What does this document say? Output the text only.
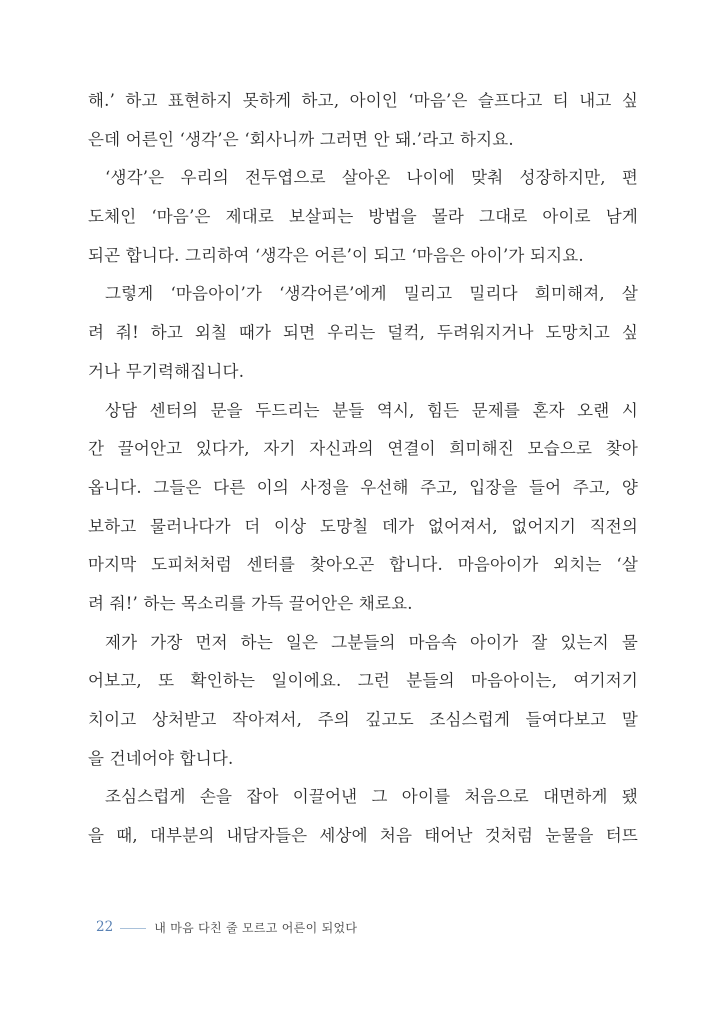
해.’ 하고 표현하지 못하게 하고, 아이인 ‘마음’은 슬프다고 티 내고 싶
은데 어른인 ‘생각’은 ‘회사니까 그러면 안 돼.’라고 하지요.

‘생각’은 우리의 전두엽으로 살아온 나이에 맞춰 성장하지만, 편
도체인 ‘마음’은 제대로 보살피는 방법을 몰라 그대로 아이로 남게
되곤 합니다. 그리하여 ‘생각은 어른’이 되고 ‘마음은 아이’가 되지요.

그렇게 ‘마음아이’가 ‘생각어른’에게 밀리고 밀리다 희미해져, 살
려 줘! 하고 외칠 때가 되면 우리는 덜컥, 두려워지거나 도망치고 싶
거나 무기력해집니다.

상담 센터의 문을 두드리는 분들 역시, 힘든 문제를 혼자 오랜 시
간 끌어안고 있다가, 자기 자신과의 연결이 희미해진 모습으로 찾아
옵니다. 그들은 다른 이의 사정을 우선해 주고, 입장을 들어 주고, 양
보하고 물러나다가 더 이상 도망칠 데가 없어져서, 없어지기 직전의
마지막 도피처처럼 센터를 찾아오곤 합니다. 마음아이가 외치는 ‘살
려 줘!’ 하는 목소리를 가득 끌어안은 채로요.

제가 가장 먼저 하는 일은 그분들의 마음속 아이가 잘 있는지 물
어보고, 또 확인하는 일이에요. 그런 분들의 마음아이는, 여기저기
치이고 상처받고 작아져서, 주의 깊고도 조심스럽게 들여다보고 말
을 건네어야 합니다.

조심스럽게 손을 잡아 이끌어낸 그 아이를 처음으로 대면하게 됐
을 때, 대부분의 내담자들은 세상에 처음 태어난 것처럼 눈물을 터뜨

22	내 마음 다친 줄 모르고 어른이 되었다
